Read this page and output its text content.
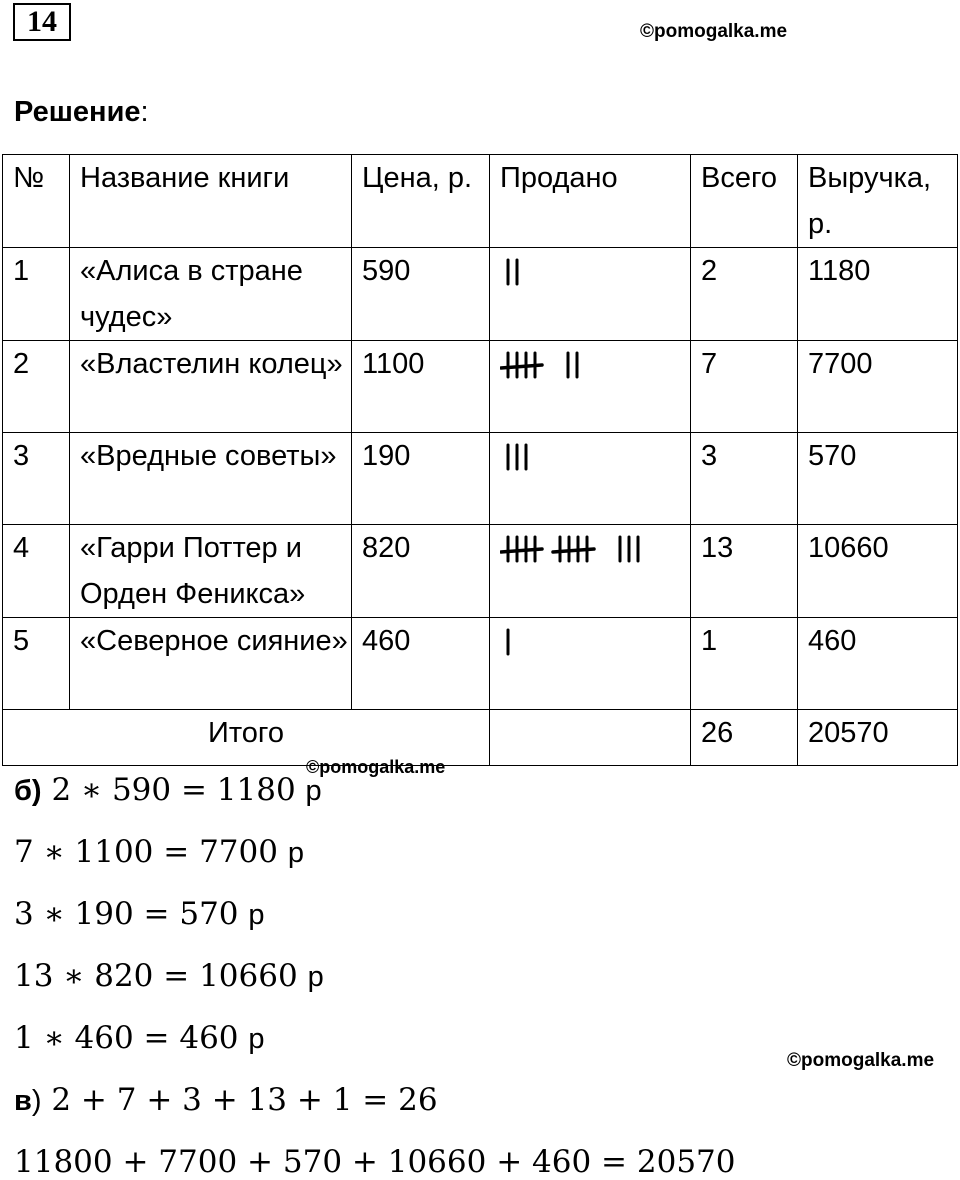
14	©pomogalka.me
Решение:
№	Название книги	Цена, р.	Продано	Всего	Выручка, р.
1	«Алиса в стране чудес»	590		2	1180
2	«Властелин колец»	1100		7	7700
3	«Вредные советы»	190		3	570
4	«Гарри Поттер и Орден Феникса»	820		13	10660
5	«Северное сияние»	460		1	460
Итого				26	20570
©pomogalka.me
б) 2 ∗ 590 = 1180 р
7 ∗ 1100 = 7700 р
3 ∗ 190 = 570 р
13 ∗ 820 = 10660 р
1 ∗ 460 = 460 р
в) 2 + 7 + 3 + 13 + 1 = 26
11800 + 7700 + 570 + 10660 + 460 = 20570
©pomogalka.me
